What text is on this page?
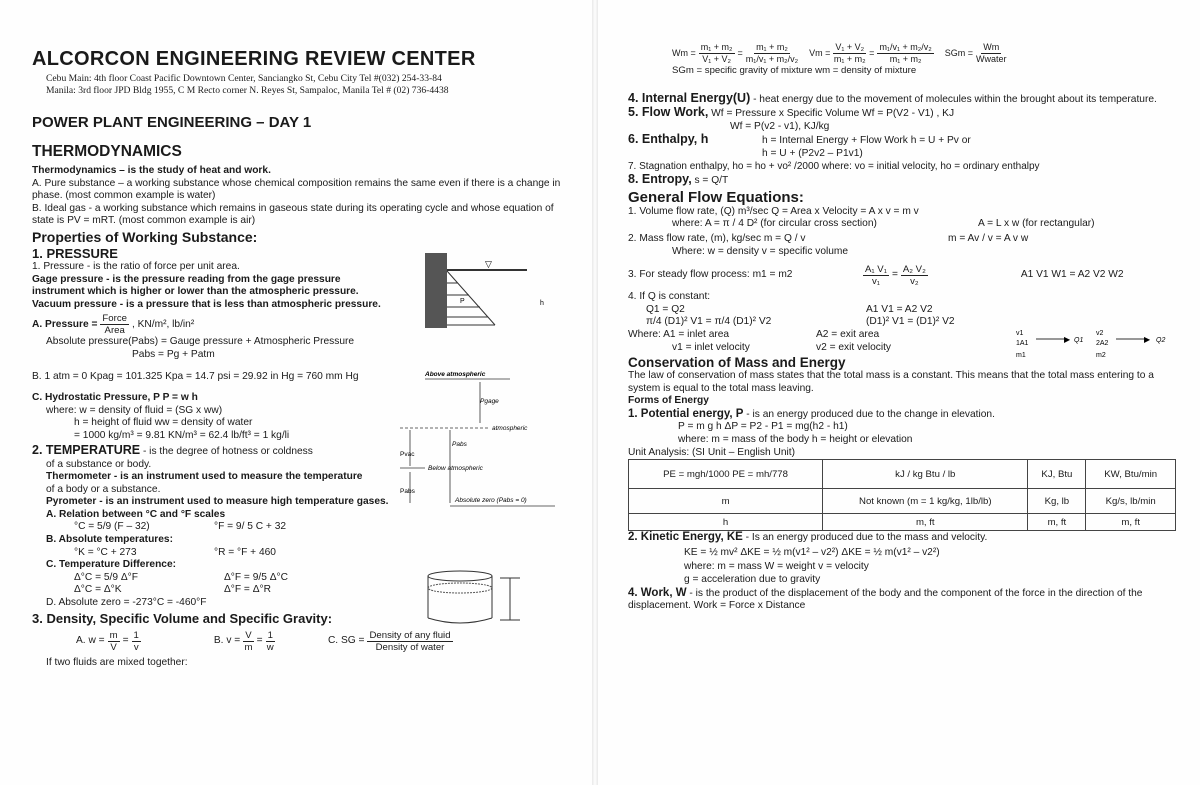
ALCORCON ENGINEERING REVIEW CENTER
Cebu Main: 4th floor Coast Pacific Downtown Center, Sanciangko St, Cebu City Tel #(032) 254-33-84
Manila: 3rd floor JPD Bldg 1955, C M Recto corner N. Reyes St, Sampaloc, Manila Tel # (02) 736-4438
POWER PLANT ENGINEERING – DAY 1
THERMODYNAMICS

Thermodynamics – is the study of heat and work.

A. Pure substance – a working substance whose chemical composition remains the same even if there is a change in phase. (most common example is water)

B. Ideal gas - a working substance which remains in gaseous state during its operating cycle and whose equation of state is PV = mRT. (most common example is air)

Properties of Working Substance:
1. PRESSURE

1. Pressure - is the ratio of force per unit area.

Gage pressure - is the pressure reading from the gage pressure instrument which is higher or lower than the atmospheric pressure.

Vacuum pressure - is a pressure that is less than atmospheric pressure.

A. Pressure = $\frac{\text{Force}}{\text{Area}}$ , KN/m², lb/in²

Absolute pressure(Pabs) = Gauge pressure + Atmospheric Pressure

Pabs = Pg + Patm

B. 1 atm = 0 Kpag = 101.325 Kpa = 14.7 psi = 29.92 in Hg = 760 mm Hg

C. Hydrostatic Pressure, P P = w h

where: w = density of fluid = (SG x ww)

h = height of fluid ww = density of water

= 1000 kg/m³ = 9.81 KN/m³ = 62.4 lb/ft³ = 1 kg/li

2. TEMPERATURE - is the degree of hotness or coldness

of a substance or body.

Thermometer - is an instrument used to measure the temperature

of a body or a substance.

Pyrometer - is an instrument used to measure high temperature gases.

A. Relation between °C and °F scales

°C = 5/9 (F – 32)	°F = 9/ 5 C + 32

B. Absolute temperatures:

°K = °C + 273	°R = °F + 460

C. Temperature Difference:

Δ°C = 5/9 Δ°F	Δ°F = 9/5 Δ°C
Δ°C = Δ°K	Δ°F = Δ°R

D. Absolute zero = -273°C = -460°F

3. Density, Specific Volume and Specific Gravity:
A. $w = \frac{m}{V} = \frac{1}{v}$	B. $v = \frac{V}{m} = \frac{1}{w}$	C. SG = $\frac{\text{Density of any fluid}}{\text{Density of water}}$

If two fluids are mixed together:

P	h
▽
Above atmospheric
Pgage
atmospheric
Pabs
Pvac
Below atmospheric
Pabs
Absolute zero (Pabs = 0)
$Wm = \frac{\text{m₁ + m₂}}{\text{V₁ + V₂}} = \frac{\text{m₁ + m₂}}{\text{m₁/v₁ + m₂/v₂}}$ $Vm = \frac{\text{V₁ + V₂}}{\text{m₁ + m₂}} = \frac{\text{m₁/v₁ + m₂/v₂}}{\text{m₁ + m₂}}$ SGm = $\frac{Wm}{\text{Wwater}}$

SGm = specific gravity of mixture wm = density of mixture

4. Internal Energy(U) - heat energy due to the movement of molecules within the brought about its temperature.

5. Flow Work, Wf = Pressure x Specific Volume Wf = P(V2 - V1) , KJ

Wf = P(v2 - v1), KJ/kg

6. Enthalpy, h	h = Internal Energy + Flow Work h = U + Pv or

h = U + (P2v2 – P1v1)

7. Stagnation enthalpy, ho = ho + vo² /2000 where: vo = initial velocity, ho = ordinary enthalpy

8. Entropy, s = Q/T

General Flow Equations:

1. Volume flow rate, (Q) m³/sec Q = Area x Velocity = A x v = m v

where: A = π / 4 D² (for circular cross section)	A = L x w (for rectangular)
2. Mass flow rate, (m), kg/sec m = Q / v	m = Av / v = A v w

Where: w = density v = specific volume

3. For steady flow process: m1 = m2	$\frac{\text{A₁ V₁}}{\text{v₁}} = \frac{\text{A₂ V₂}}{\text{v₂}}$	A1 V1 W1 = A2 V2 W2

4. If Q is constant:

Q1 = Q2	A1 V1 = A2 V2
π/4 (D1)² V1 = π/4 (D1)² V2	(D1)² V1 = (D1)² V2
Where: A1 = inlet area	A2 = exit area
v1 = inlet velocity	v2 = exit velocity
Conservation of Mass and Energy

The law of conservation of mass states that the total mass is a constant. This means that the total mass entering to a system is equal to the total mass leaving.

Forms of Energy

1. Potential energy, P - is an energy produced due to the change in elevation.

P = m g h ΔP = P2 - P1 = mg(h2 - h1)

where: m = mass of the body h = height or elevation

Unit Analysis: (SI Unit – English Unit)

PE = mgh/1000 PE = mh/778	kJ / kg Btu / lb	KJ, Btu	KW, Btu/min
m	Not known (m = 1 kg/kg, 1lb/lb)	Kg, lb	Kg/s, lb/min
h	m, ft	m, ft	m, ft

2. Kinetic Energy, KE - Is an energy produced due to the mass and velocity.

KE = ½ mv² ΔKE = ½ m(v1² – v2²) ΔKE = ½ m(v1² – v2²)

where: m = mass W = weight v = velocity

g = acceleration due to gravity

4. Work, W - is the product of the displacement of the body and the component of the force in the direction of the displacement. Work = Force x Distance

v1
1A1
m1
▶ Q1
v2
2A2
m2
▶ Q2
